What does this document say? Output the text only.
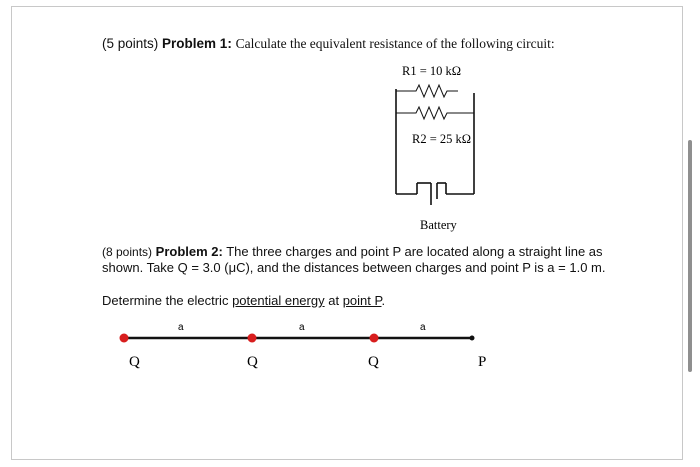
(5 points) Problem 1: Calculate the equivalent resistance of the following circuit:
R1 = 10 kΩ
R2 = 25 kΩ
Battery
(8 points) Problem 2: The three charges and point P are located along a straight line as
shown. Take Q = 3.0 (μC), and the distances between charges and point P is a = 1.0 m.
Determine the electric potential energy at point P.
a	a	a
Q	Q	Q	P
